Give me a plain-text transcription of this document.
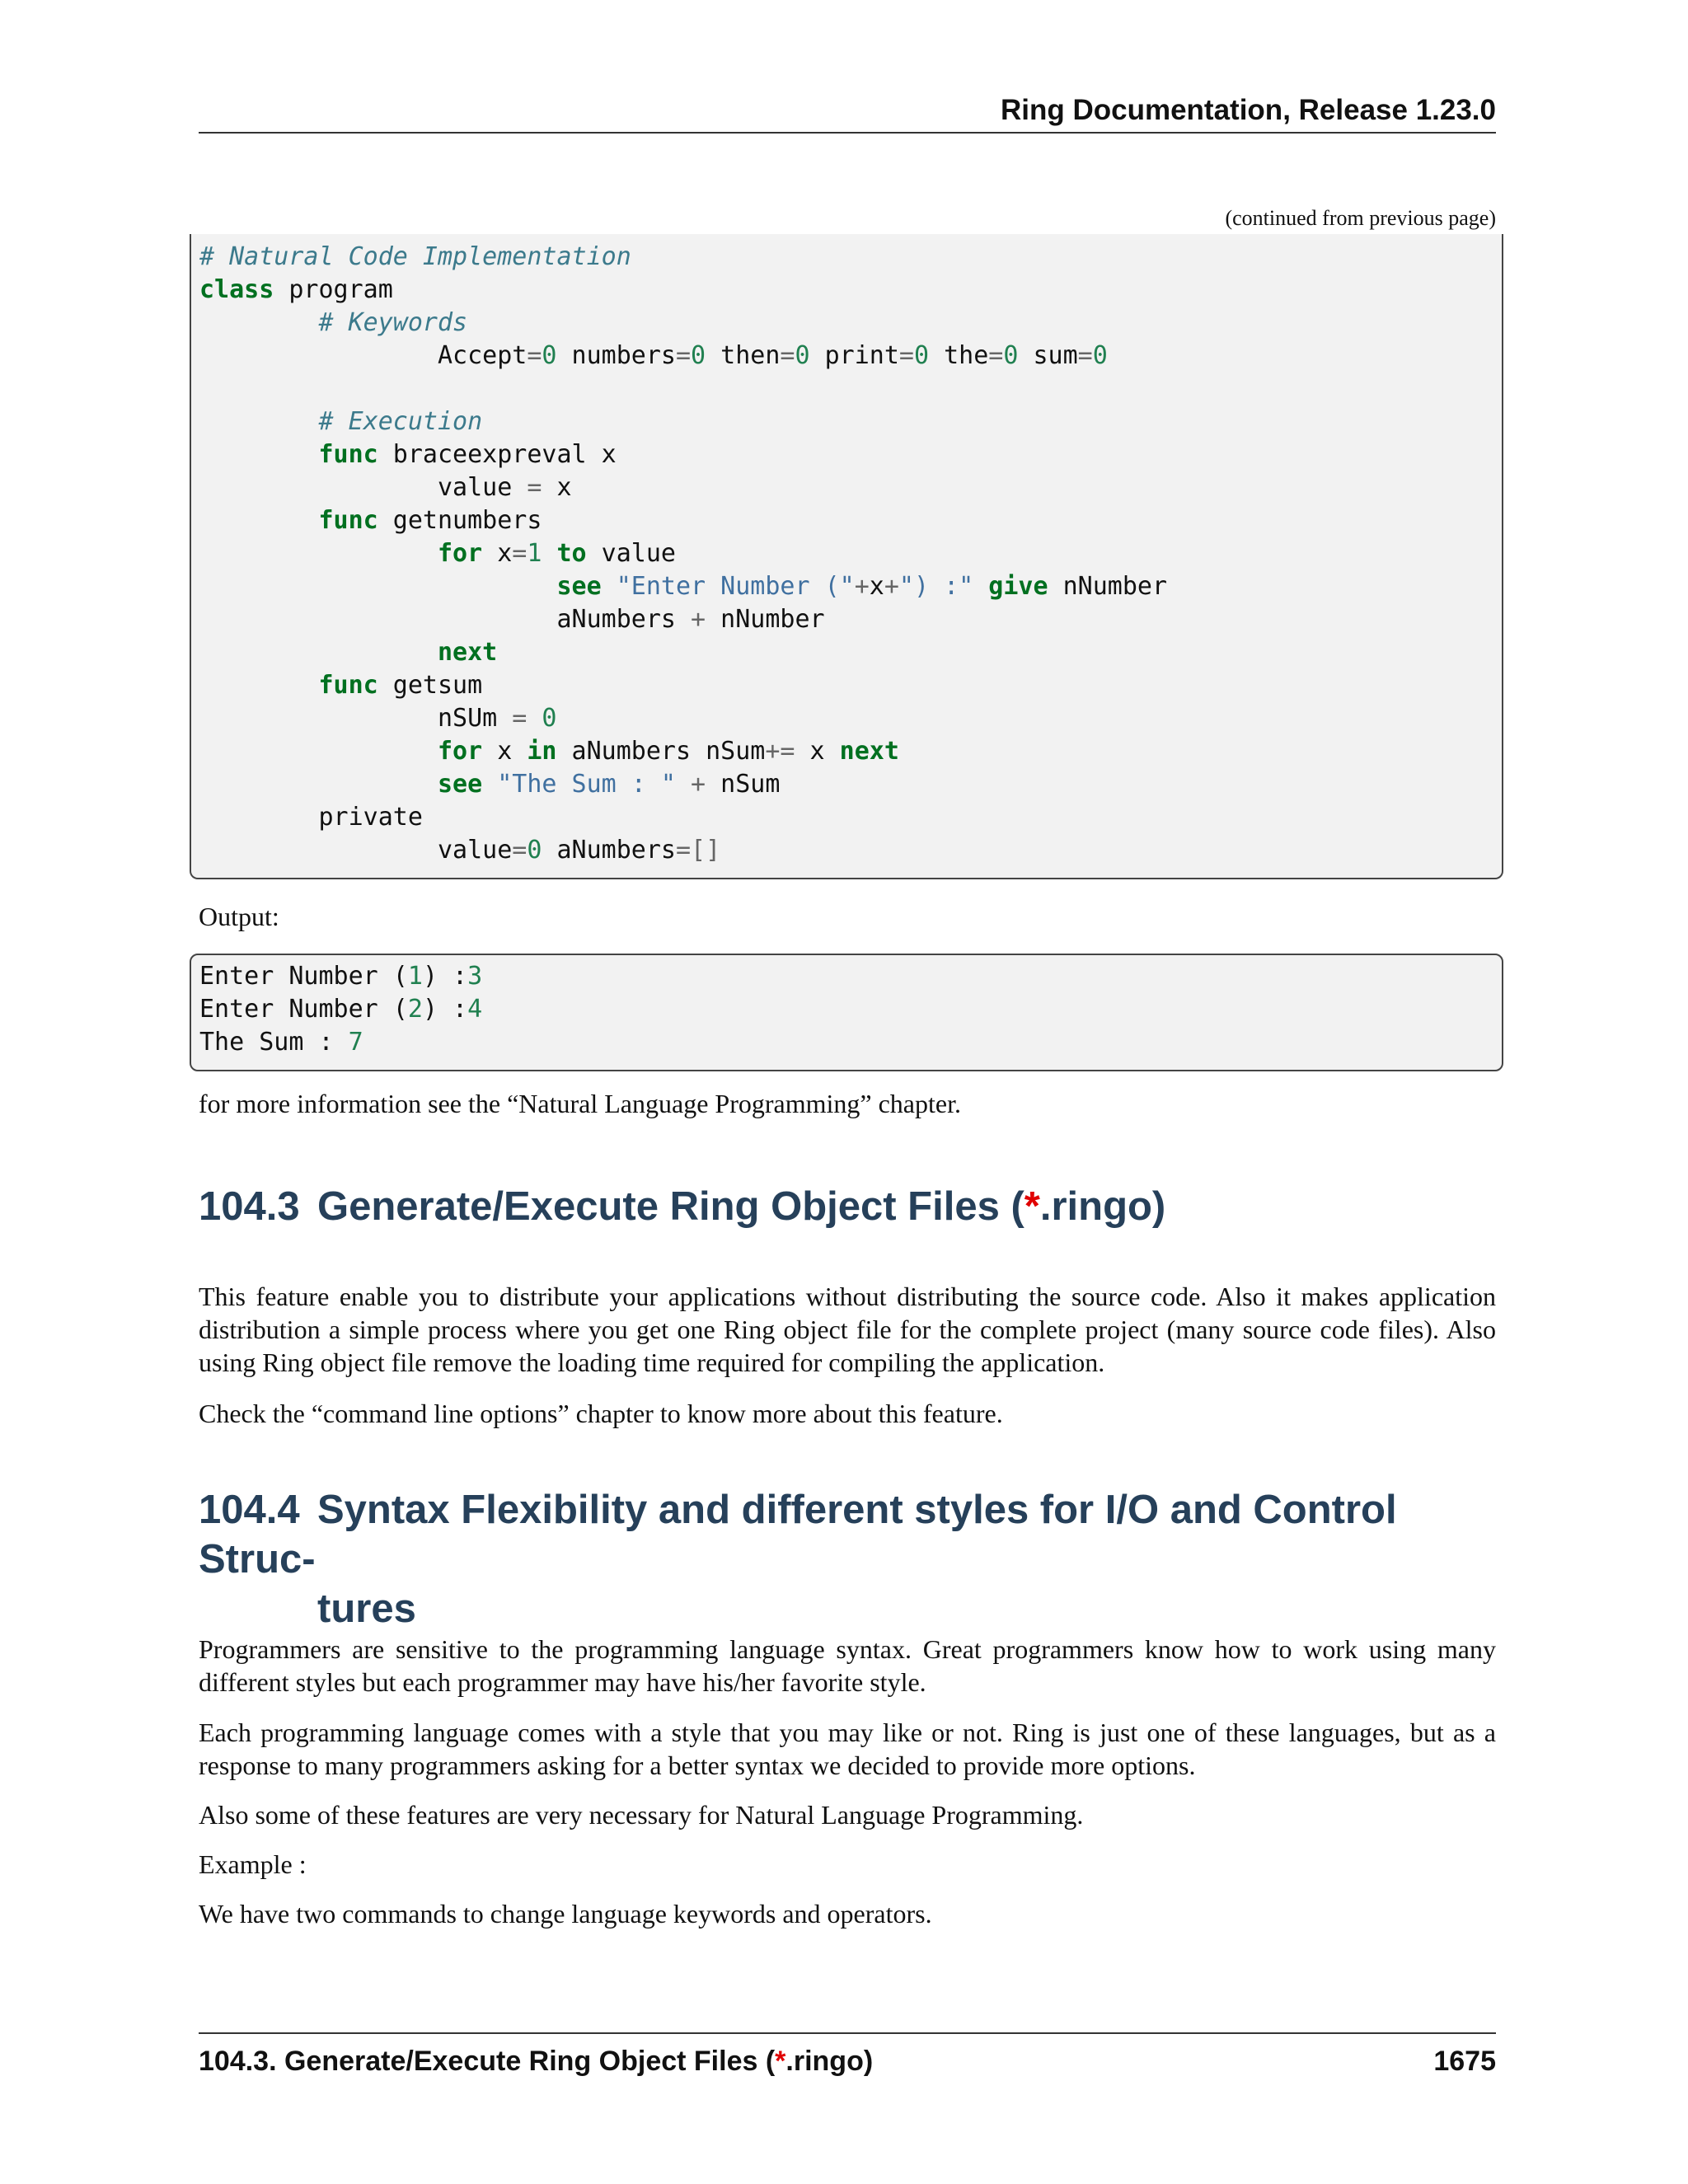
Ring Documentation, Release 1.23.0
(continued from previous page)
# Natural Code Implementation
class program
# Keywords
Accept=0 numbers=0 then=0 print=0 the=0 sum=0
# Execution
func braceexpreval x
value = x
func getnumbers
for x=1 to value
see "Enter Number ("+x+") :" give nNumber
aNumbers + nNumber
next
func getsum
nSUm = 0
for x in aNumbers nSum+= x next
see "The Sum : " + nSum
private
value=0 aNumbers=[]
Output:
Enter Number (1) :3
Enter Number (2) :4
The Sum : 7

for more information see the “Natural Language Programming” chapter.

104.3 Generate/Execute Ring Object Files (*.ringo)

This feature enable you to distribute your applications without distributing the source code. Also it makes application distribution a simple process where you get one Ring object file for the complete project (many source code files). Also using Ring object file remove the loading time required for compiling the application.

Check the “command line options” chapter to know more about this feature.

104.4 Syntax Flexibility and different styles for I/O and Control Struc-
tures

Programmers are sensitive to the programming language syntax. Great programmers know how to work using many different styles but each programmer may have his/her favorite style.

Each programming language comes with a style that you may like or not. Ring is just one of these languages, but as a response to many programmers asking for a better syntax we decided to provide more options.

Also some of these features are very necessary for Natural Language Programming.

Example :

We have two commands to change language keywords and operators.

104.3. Generate/Execute Ring Object Files (*.ringo)	1675
